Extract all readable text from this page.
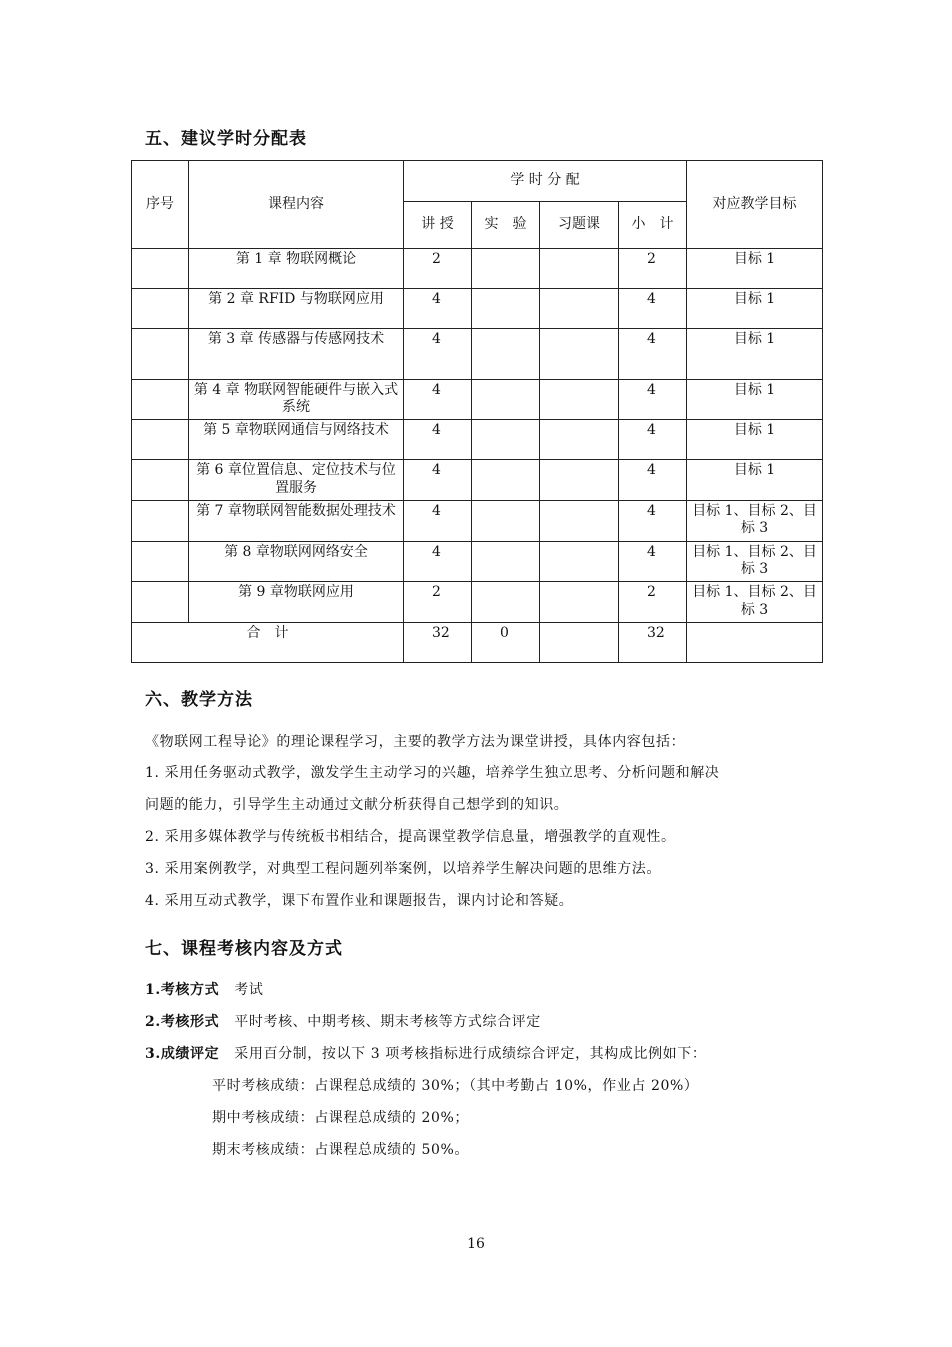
五、建议学时分配表
序号	课程内容	学 时 分 配				对应教学目标
		讲 授	实　验	习题课	小　计	
	第 1 章 物联网概论	2			2	目标 1
	第 2 章 RFID 与物联网应用	4			4	目标 1
	第 3 章 传感器与传感网技术	4			4	目标 1
	第 4 章 物联网智能硬件与嵌入式系统	4			4	目标 1
	第 5 章物联网通信与网络技术	4			4	目标 1
	第 6 章位置信息、定位技术与位置服务	4			4	目标 1
	第 7 章物联网智能数据处理技术	4			4	目标 1、目标 2、目标 3
	第 8 章物联网网络安全	4			4	目标 1、目标 2、目标 3
	第 9 章物联网应用	2			2	目标 1、目标 2、目标 3
合　计		32	0		32	
六、教学方法
《物联网工程导论》的理论课程学习，主要的教学方法为课堂讲授，具体内容包括：
1. 采用任务驱动式教学，激发学生主动学习的兴趣，培养学生独立思考、分析问题和解决
问题的能力，引导学生主动通过文献分析获得自己想学到的知识。
2. 采用多媒体教学与传统板书相结合，提高课堂教学信息量，增强教学的直观性。
3. 采用案例教学，对典型工程问题列举案例，以培养学生解决问题的思维方法。
4. 采用互动式教学，课下布置作业和课题报告，课内讨论和答疑。
七、课程考核内容及方式
1.考核方式 考试
2.考核形式 平时考核、中期考核、期末考核等方式综合评定
3.成绩评定 采用百分制，按以下 3 项考核指标进行成绩综合评定，其构成比例如下：
平时考核成绩：占课程总成绩的 30%；（其中考勤占 10%，作业占 20%）
期中考核成绩：占课程总成绩的 20%；
期末考核成绩：占课程总成绩的 50%。
16
